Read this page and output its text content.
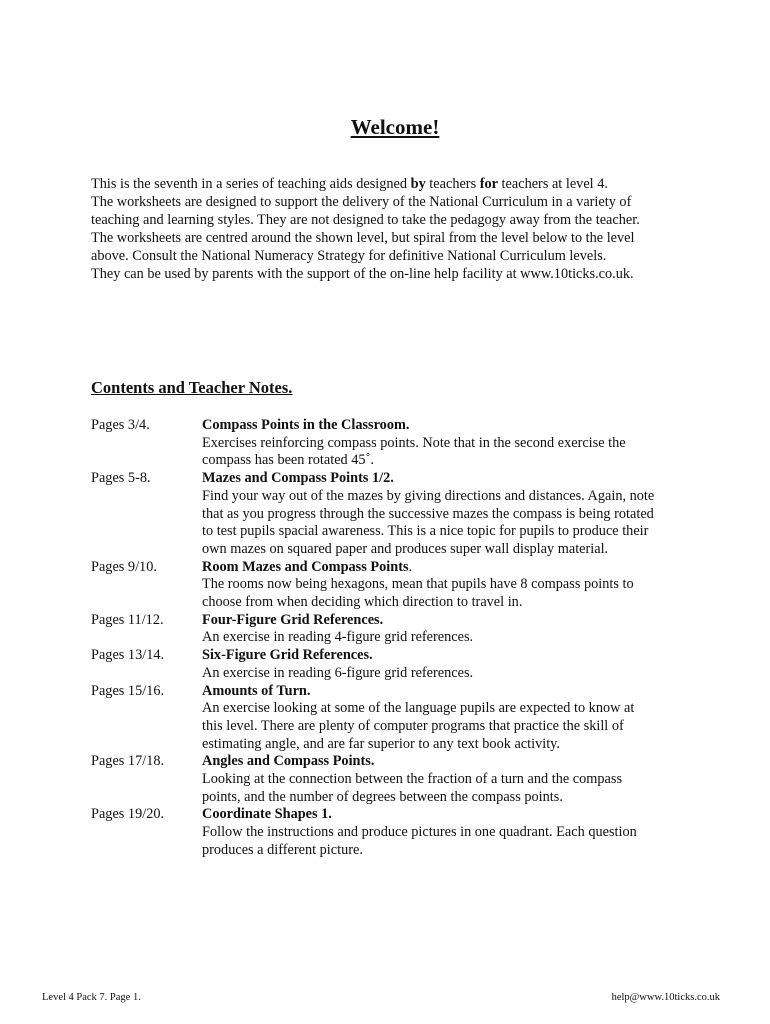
Welcome!
This is the seventh in a series of teaching aids designed by teachers for teachers at level 4.
The worksheets are designed to support the delivery of the National Curriculum in a variety of
teaching and learning styles. They are not designed to take the pedagogy away from the teacher.
The worksheets are centred around the shown level, but spiral from the level below to the level
above. Consult the National Numeracy Strategy for definitive National Curriculum levels.
They can be used by parents with the support of the on-line help facility at www.10ticks.co.uk.
Contents and Teacher Notes.
Pages 3/4.	Compass Points in the Classroom.
Exercises reinforcing compass points. Note that in the second exercise the
compass has been rotated 45˚.
Pages 5-8.	Mazes and Compass Points 1/2.
Find your way out of the mazes by giving directions and distances. Again, note
that as you progress through the successive mazes the compass is being rotated
to test pupils spacial awareness. This is a nice topic for pupils to produce their
own mazes on squared paper and produces super wall display material.
Pages 9/10.	Room Mazes and Compass Points.
The rooms now being hexagons, mean that pupils have 8 compass points to
choose from when deciding which direction to travel in.
Pages 11/12.	Four-Figure Grid References.
An exercise in reading 4-figure grid references.
Pages 13/14.	Six-Figure Grid References.
An exercise in reading 6-figure grid references.
Pages 15/16.	Amounts of Turn.
An exercise looking at some of the language pupils are expected to know at
this level. There are plenty of computer programs that practice the skill of
estimating angle, and are far superior to any text book activity.
Pages 17/18.	Angles and Compass Points.
Looking at the connection between the fraction of a turn and the compass
points, and the number of degrees between the compass points.
Pages 19/20.	Coordinate Shapes 1.
Follow the instructions and produce pictures in one quadrant. Each question
produces a different picture.
Level 4 Pack 7. Page 1.	help@www.10ticks.co.uk
